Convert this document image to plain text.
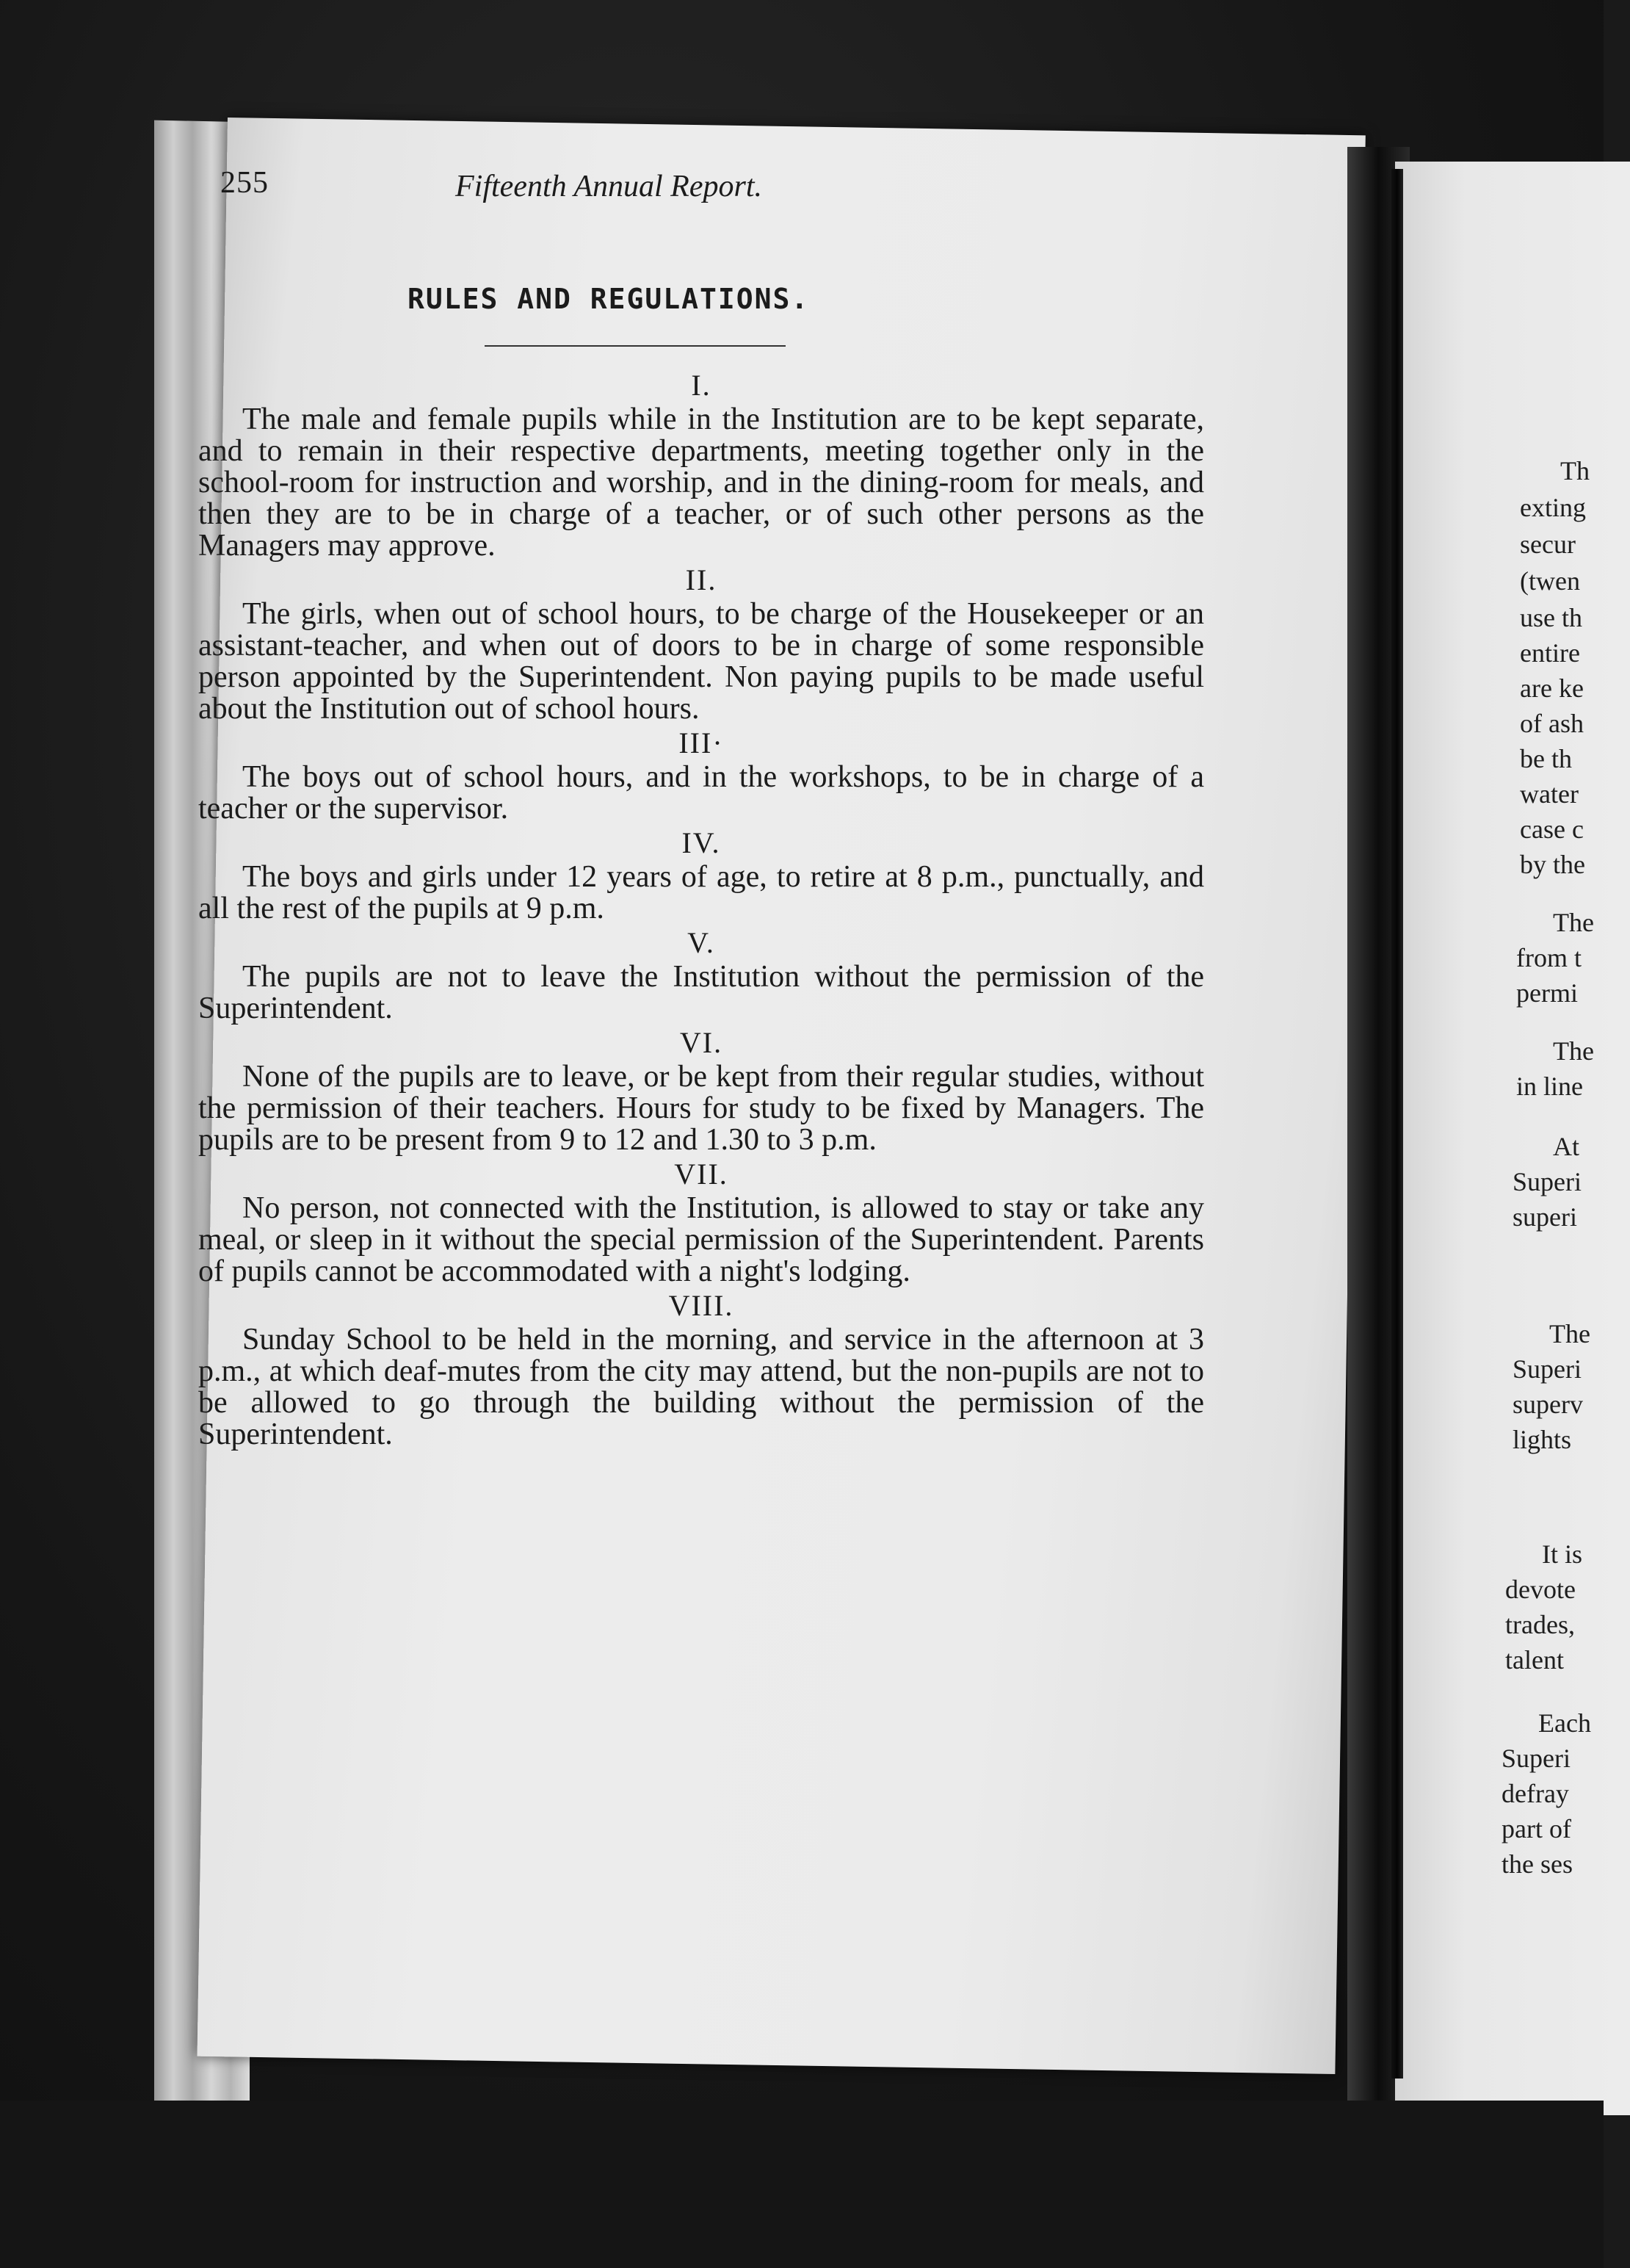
255	Fifteenth Annual Report.
RULES AND REGULATIONS.
I.
The male and female pupils while in the Institution are to be kept separate, and to remain in their respective departments, meeting together only in the school-room for instruction and worship, and in the dining-room for meals, and then they are to be in charge of a teacher, or of such other persons as the Managers may approve.
II.
The girls, when out of school hours, to be charge of the Housekeeper or an assistant-teacher, and when out of doors to be in charge of some responsible person appointed by the Superintendent. Non paying pupils to be made useful about the Institution out of school hours.
III·
The boys out of school hours, and in the workshops, to be in charge of a teacher or the supervisor.
IV.
The boys and girls under 12 years of age, to retire at 8 p.m., punctually, and all the rest of the pupils at 9 p.m.
V.
The pupils are not to leave the Institution without the permission of the Superintendent.
VI.
None of the pupils are to leave, or be kept from their regular studies, without the permission of their teachers. Hours for study to be fixed by Managers. The pupils are to be present from 9 to 12 and 1.30 to 3 p.m.
VII.
No person, not connected with the Institution, is allowed to stay or take any meal, or sleep in it without the special permission of the Superintendent. Parents of pupils cannot be accommodated with a night's lodging.
VIII.
Sunday School to be held in the morning, and service in the afternoon at 3 p.m., at which deaf-mutes from the city may attend, but the non-pupils are not to be allowed to go through the building without the permission of the Superintendent.
Th
exting
secur
(twen
use th
entire
are ke
of ash
be th
water
case c
by the
The
from t
permi
The
in line
At
Superi
superi
The
Superi
superv
lights
It is
devote
trades,
talent
Each
Superi
defray
part of
the ses
